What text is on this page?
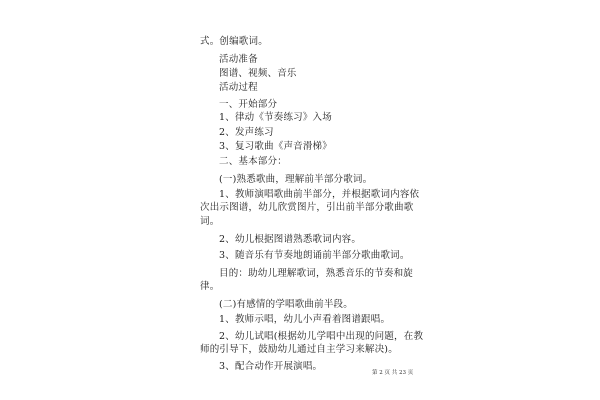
式。创编歌词。
活动准备
图谱、视频、音乐
活动过程
一、开始部分
1、律动《节奏练习》入场
2、发声练习
3、复习歌曲《声音滑梯》
二、基本部分：
(一)熟悉歌曲，理解前半部分歌词。
1、教师演唱歌曲前半部分，并根据歌词内容依
次出示图谱，幼儿欣赏图片，引出前半部分歌曲歌
词。
2、幼儿根据图谱熟悉歌词内容。
3、随音乐有节奏地朗诵前半部分歌曲歌词。
目的：助幼儿理解歌词，熟悉音乐的节奏和旋
律。
(二)有感情的学唱歌曲前半段。
1、教师示唱，幼儿小声看着图谱跟唱。
2、幼儿试唱(根据幼儿学唱中出现的问题，在教
师的引导下，鼓励幼儿通过自主学习来解决)。
3、配合动作开展演唱。
第 2 页 共 23 页
